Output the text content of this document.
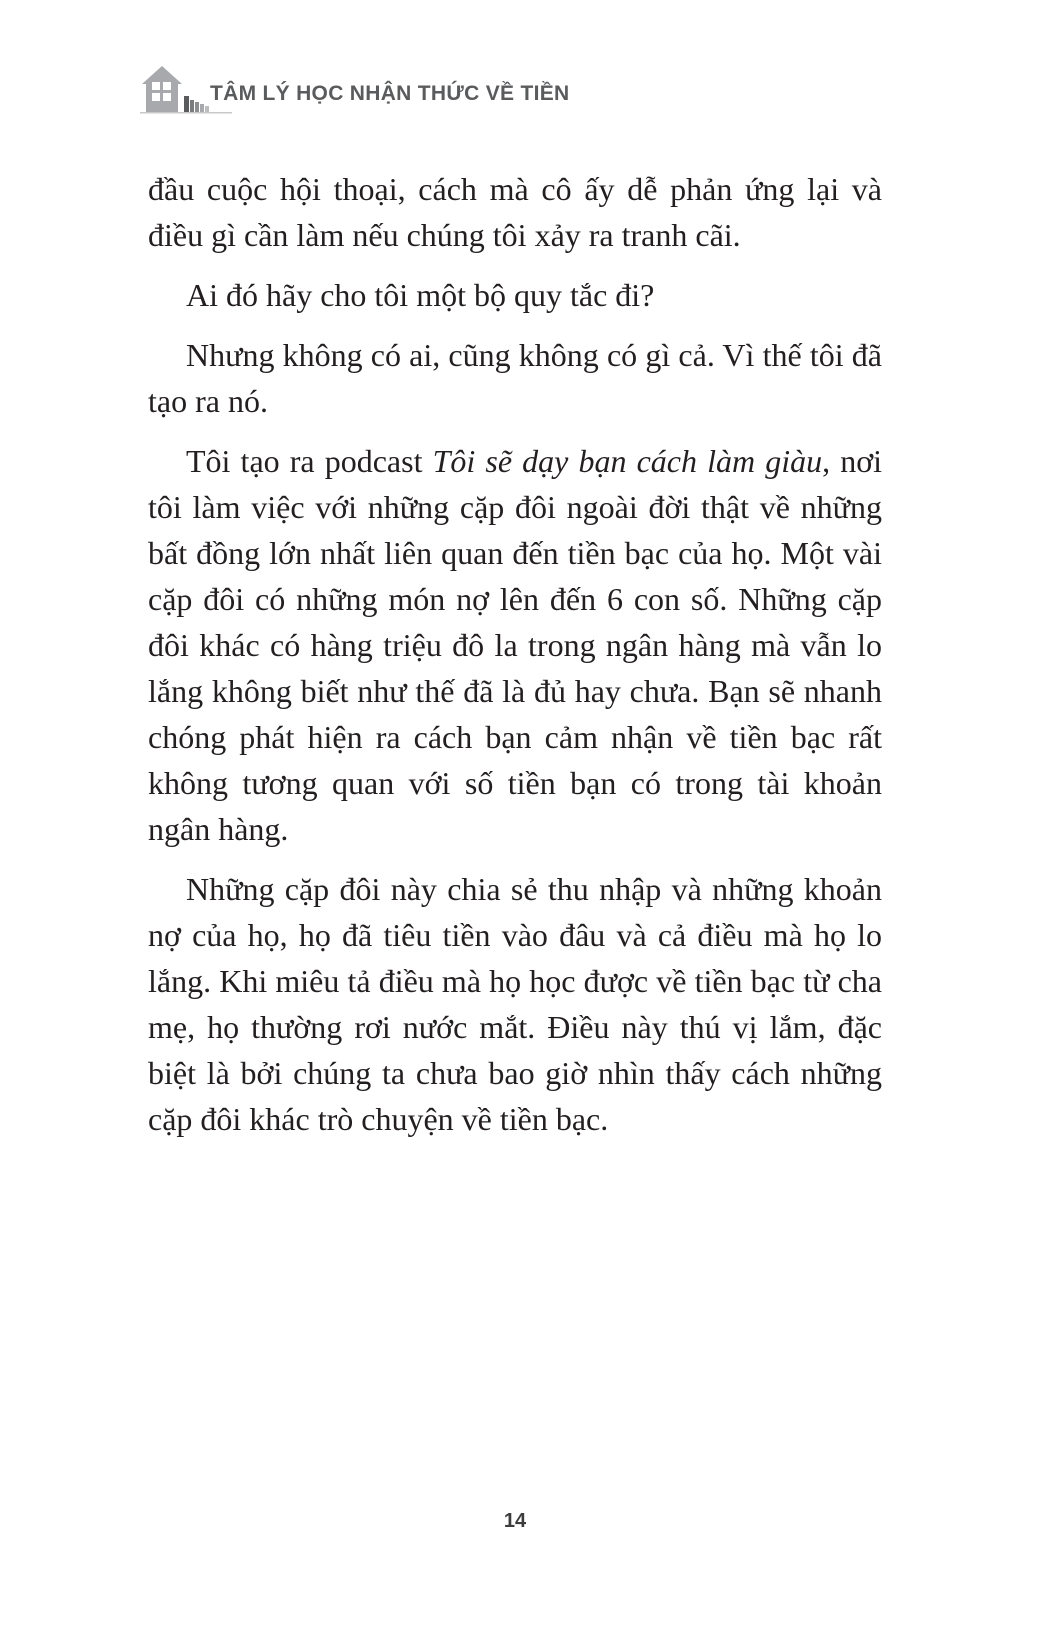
TÂM LÝ HỌC NHẬN THỨC VỀ TIỀN

đầu cuộc hội thoại, cách mà cô ấy dễ phản ứng lại và điều gì cần làm nếu chúng tôi xảy ra tranh cãi.

Ai đó hãy cho tôi một bộ quy tắc đi?

Nhưng không có ai, cũng không có gì cả. Vì thế tôi đã tạo ra nó.

Tôi tạo ra podcast Tôi sẽ dạy bạn cách làm giàu, nơi tôi làm việc với những cặp đôi ngoài đời thật về những bất đồng lớn nhất liên quan đến tiền bạc của họ. Một vài cặp đôi có những món nợ lên đến 6 con số. Những cặp đôi khác có hàng triệu đô la trong ngân hàng mà vẫn lo lắng không biết như thế đã là đủ hay chưa. Bạn sẽ nhanh chóng phát hiện ra cách bạn cảm nhận về tiền bạc rất không tương quan với số tiền bạn có trong tài khoản ngân hàng.

Những cặp đôi này chia sẻ thu nhập và những khoản nợ của họ, họ đã tiêu tiền vào đâu và cả điều mà họ lo lắng. Khi miêu tả điều mà họ học được về tiền bạc từ cha mẹ, họ thường rơi nước mắt. Điều này thú vị lắm, đặc biệt là bởi chúng ta chưa bao giờ nhìn thấy cách những cặp đôi khác trò chuyện về tiền bạc.

14
